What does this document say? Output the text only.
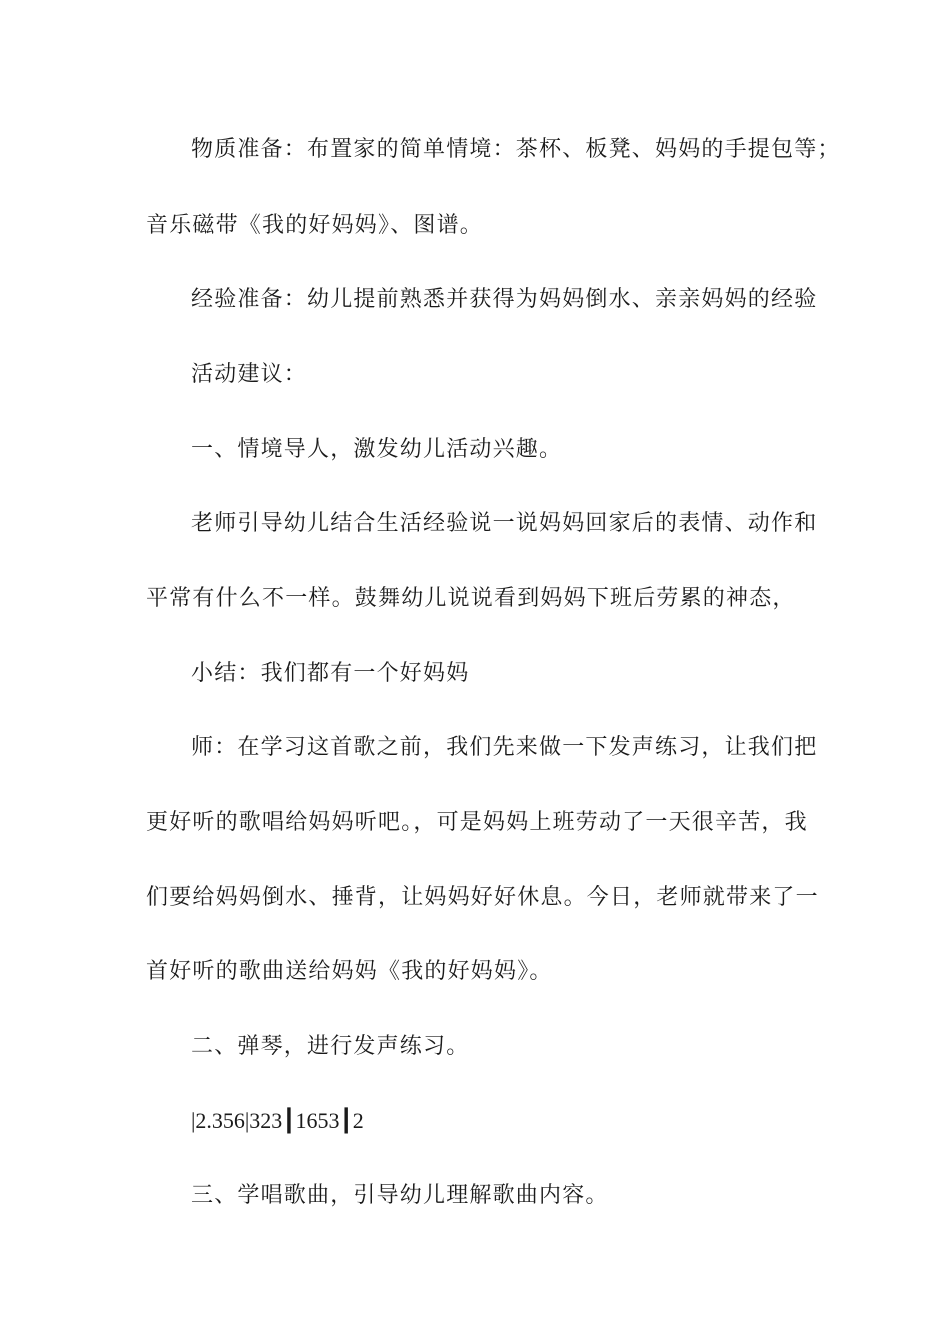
物质准备：布置家的简单情境：茶杯、板凳、妈妈的手提包等；
音乐磁带《我的好妈妈》、图谱。
经验准备：幼儿提前熟悉并获得为妈妈倒水、亲亲妈妈的经验
活动建议：
一、情境导人，激发幼儿活动兴趣。
老师引导幼儿结合生活经验说一说妈妈回家后的表情、动作和
平常有什么不一样。鼓舞幼儿说说看到妈妈下班后劳累的神态，
小结：我们都有一个好妈妈
师：在学习这首歌之前，我们先来做一下发声练习，让我们把
更好听的歌唱给妈妈听吧。，可是妈妈上班劳动了一天很辛苦，我
们要给妈妈倒水、捶背，让妈妈好好休息。今日，老师就带来了一
首好听的歌曲送给妈妈《我的好妈妈》。
二、弹琴，进行发声练习。
|2.356|323┃1653┃2
三、学唱歌曲，引导幼儿理解歌曲内容。
